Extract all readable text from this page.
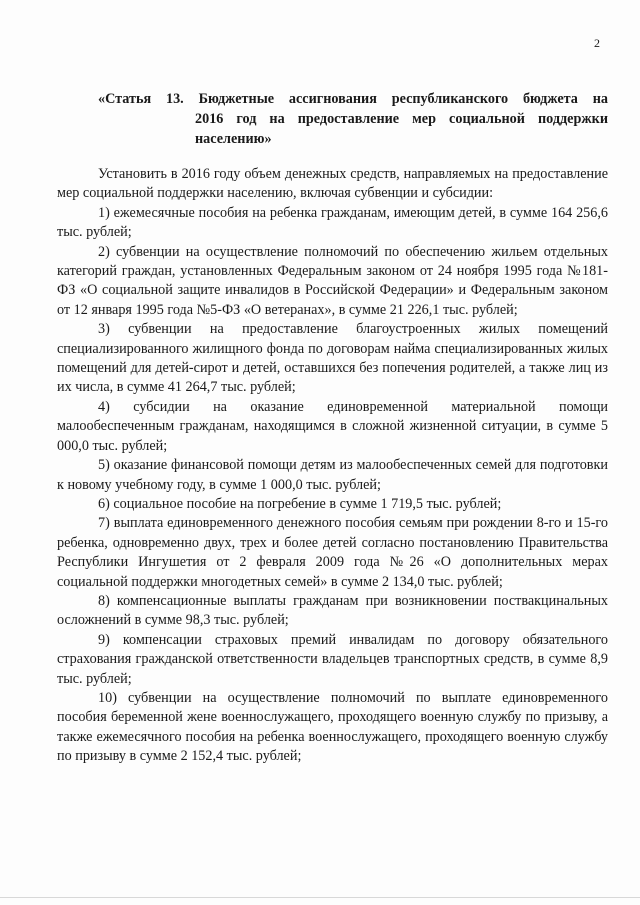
2
«Статья 13. Бюджетные ассигнования республиканского бюджета на
2016 год на предоставление мер социальной поддержки
населению»

Установить в 2016 году объем денежных средств, направляемых на предоставление мер социальной поддержки населению, включая субвенции и субсидии:

1) ежемесячные пособия на ребенка гражданам, имеющим детей, в сумме 164 256,6 тыс. рублей;

2) субвенции на осуществление полномочий по обеспечению жильем отдельных категорий граждан, установленных Федеральным законом от 24 ноября 1995 года №181-ФЗ «О социальной защите инвалидов в Российской Федерации» и Федеральным законом от 12 января 1995 года №5-ФЗ «О ветеранах», в сумме 21 226,1 тыс. рублей;

3) субвенции на предоставление благоустроенных жилых помещений специализированного жилищного фонда по договорам найма специализированных жилых помещений для детей-сирот и детей, оставшихся без попечения родителей, а также лиц из их числа, в сумме 41 264,7 тыс. рублей;

4) субсидии на оказание единовременной материальной помощи малообеспеченным гражданам, находящимся в сложной жизненной ситуации, в сумме 5 000,0 тыс. рублей;

5) оказание финансовой помощи детям из малообеспеченных семей для подготовки к новому учебному году, в сумме 1 000,0 тыс. рублей;

6) социальное пособие на погребение в сумме 1 719,5 тыс. рублей;

7) выплата единовременного денежного пособия семьям при рождении 8-го и 15-го ребенка, одновременно двух, трех и более детей согласно постановлению Правительства Республики Ингушетия от 2 февраля 2009 года №26 «О дополнительных мерах социальной поддержки многодетных семей» в сумме 2 134,0 тыс. рублей;

8) компенсационные выплаты гражданам при возникновении поствакцинальных осложнений в сумме 98,3 тыс. рублей;

9) компенсации страховых премий инвалидам по договору обязательного страхования гражданской ответственности владельцев транспортных средств, в сумме 8,9 тыс. рублей;

10) субвенции на осуществление полномочий по выплате единовременного пособия беременной жене военнослужащего, проходящего военную службу по призыву, а также ежемесячного пособия на ребенка военнослужащего, проходящего военную службу по призыву в сумме 2 152,4 тыс. рублей;
